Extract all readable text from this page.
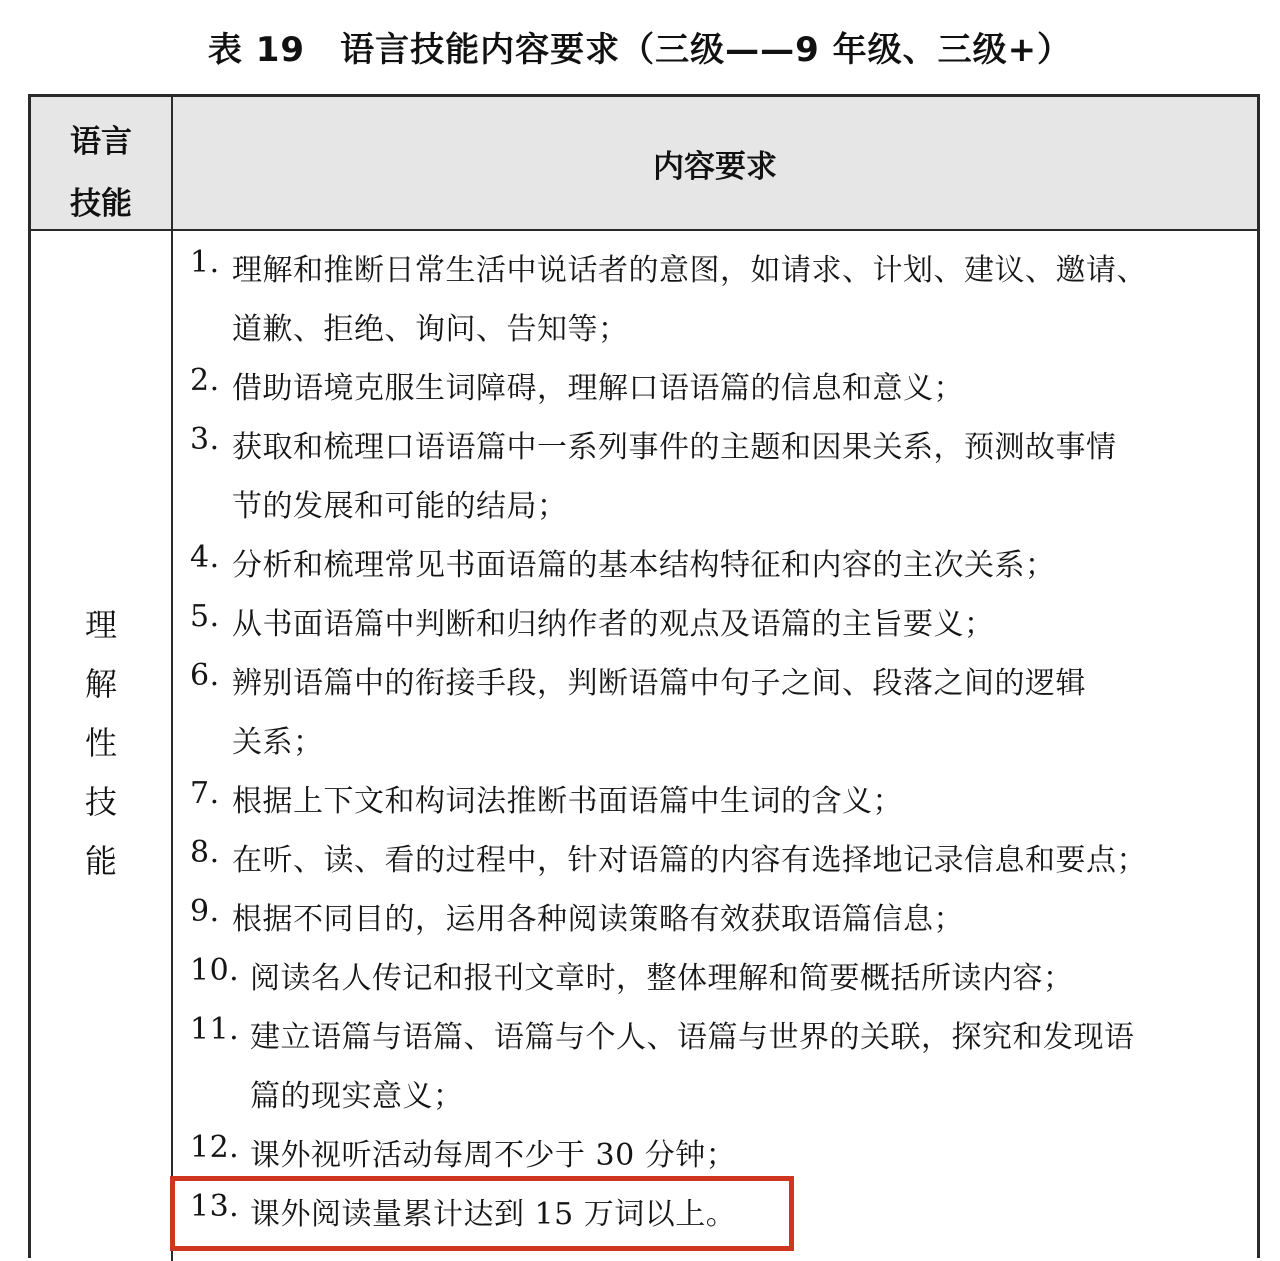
表 19　语言技能内容要求（三级——9 年级、三级+）
语言
技能
内容要求
理
解
性
技
能
1. 理解和推断日常生活中说话者的意图，如请求、计划、建议、邀请、
道歉、拒绝、询问、告知等；
2. 借助语境克服生词障碍，理解口语语篇的信息和意义；
3. 获取和梳理口语语篇中一系列事件的主题和因果关系，预测故事情
节的发展和可能的结局；
4. 分析和梳理常见书面语篇的基本结构特征和内容的主次关系；
5. 从书面语篇中判断和归纳作者的观点及语篇的主旨要义；
6. 辨别语篇中的衔接手段，判断语篇中句子之间、段落之间的逻辑
关系；
7. 根据上下文和构词法推断书面语篇中生词的含义；
8. 在听、读、看的过程中，针对语篇的内容有选择地记录信息和要点；
9. 根据不同目的，运用各种阅读策略有效获取语篇信息；
10. 阅读名人传记和报刊文章时，整体理解和简要概括所读内容；
11. 建立语篇与语篇、语篇与个人、语篇与世界的关联，探究和发现语
篇的现实意义；
12. 课外视听活动每周不少于 30 分钟；
13. 课外阅读量累计达到 15 万词以上。
